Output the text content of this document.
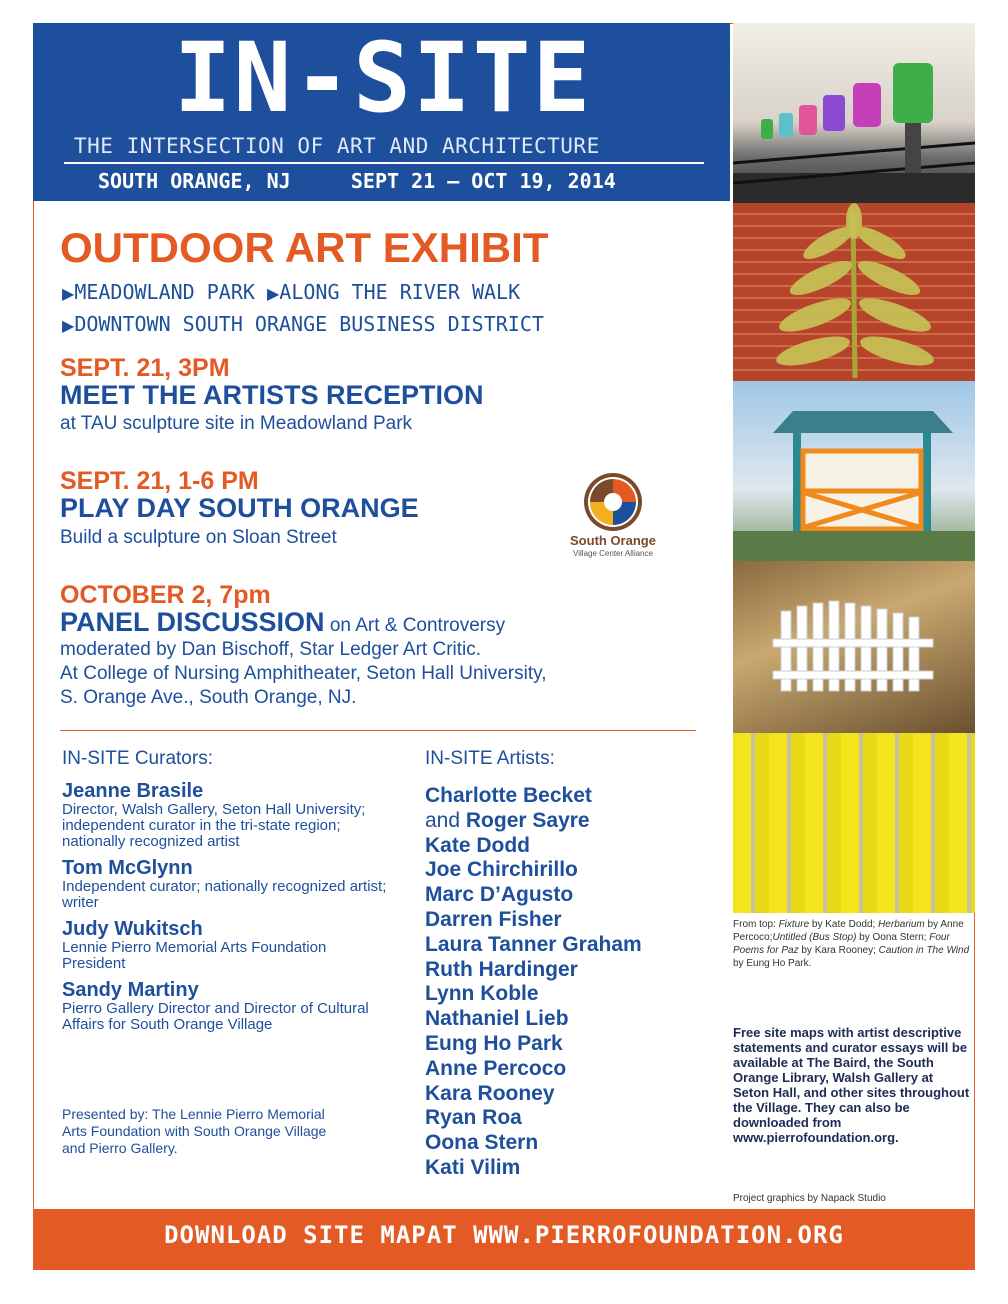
IN-SITE
THE INTERSECTION OF ART AND ARCHITECTURE
SOUTH ORANGE, NJ	SEPT 21 – OCT 19, 2014
From top: Fixture by Kate Dodd; Herbarium by Anne Percoco;Untitled (Bus Stop) by Oona Stern; Four Poems for Paz by Kara Rooney; Caution in The Wind by Eung Ho Park.
Free site maps with artist descriptive statements and curator essays will be available at The Baird, the South Orange Library, Walsh Gallery at Seton Hall, and other sites throughout the Village. They can also be downloaded from www.pierrofoundation.org.
Project graphics by Napack Studio
OUTDOOR ART EXHIBIT
▶MEADOWLAND PARK ▶ALONG THE RIVER WALK
▶DOWNTOWN SOUTH ORANGE BUSINESS DISTRICT
SEPT. 21, 3PM
MEET THE ARTISTS RECEPTION
at TAU sculpture site in Meadowland Park
SEPT. 21, 1-6 PM
PLAY DAY SOUTH ORANGE
Build a sculpture on Sloan Street	South Orange
Village Center Alliance
OCTOBER 2, 7pm
PANEL DISCUSSION on Art & Controversy
moderated by Dan Bischoff, Star Ledger Art Critic.
At College of Nursing Amphitheater, Seton Hall University,
S. Orange Ave., South Orange, NJ.
IN-SITE Curators:
Jeanne Brasile
Director, Walsh Gallery, Seton Hall University; independent curator in the tri-state region; nationally recognized artist
Tom McGlynn
Independent curator; nationally recognized artist; writer
Judy Wukitsch
Lennie Pierro Memorial Arts Foundation President
Sandy Martiny
Pierro Gallery Director and Director of Cultural Affairs for South Orange Village
Presented by: The Lennie Pierro Memorial Arts Foundation with South Orange Village and Pierro Gallery.
IN-SITE Artists:
Charlotte Becket
and Roger Sayre
Kate Dodd
Joe Chirchirillo
Marc D’Agusto
Darren Fisher
Laura Tanner Graham
Ruth Hardinger
Lynn Koble
Nathaniel Lieb
Eung Ho Park
Anne Percoco
Kara Rooney
Ryan Roa
Oona Stern
Kati Vilim
DOWNLOAD SITE MAPAT WWW.PIERROFOUNDATION.ORG
